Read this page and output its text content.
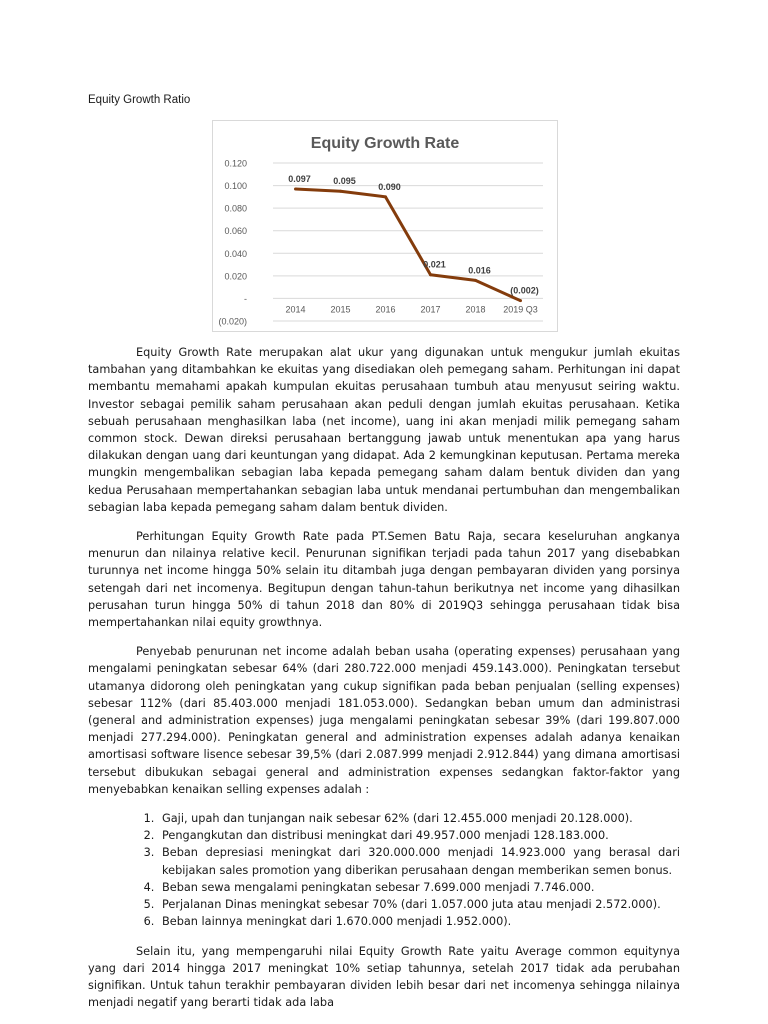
Equity Growth Ratio
Equity Growth Rate
0.120
0.100
0.080
0.060
0.040
0.020
-
(0.020)
2014	2015	2016	2017	2018 2019 Q3
0.097 0.095
0.090
0.021
0.016
(0.002)

Equity Growth Rate merupakan alat ukur yang digunakan untuk mengukur jumlah ekuitas tambahan yang ditambahkan ke ekuitas yang disediakan oleh pemegang saham. Perhitungan ini dapat membantu memahami apakah kumpulan ekuitas perusahaan tumbuh atau menyusut seiring waktu. Investor sebagai pemilik saham perusahaan akan peduli dengan jumlah ekuitas perusahaan. Ketika sebuah perusahaan menghasilkan laba (net income), uang ini akan menjadi milik pemegang saham common stock. Dewan direksi perusahaan bertanggung jawab untuk menentukan apa yang harus dilakukan dengan uang dari keuntungan yang didapat. Ada 2 kemungkinan keputusan. Pertama mereka mungkin mengembalikan sebagian laba kepada pemegang saham dalam bentuk dividen dan yang kedua Perusahaan mempertahankan sebagian laba untuk mendanai pertumbuhan dan mengembalikan sebagian laba kepada pemegang saham dalam bentuk dividen.

Perhitungan Equity Growth Rate pada PT.Semen Batu Raja, secara keseluruhan angkanya menurun dan nilainya relative kecil. Penurunan signifikan terjadi pada tahun 2017 yang disebabkan turunnya net income hingga 50% selain itu ditambah juga dengan pembayaran dividen yang porsinya setengah dari net incomenya. Begitupun dengan tahun-tahun berikutnya net income yang dihasilkan perusahan turun hingga 50% di tahun 2018 dan 80% di 2019Q3 sehingga perusahaan tidak bisa mempertahankan nilai equity growthnya.

Penyebab penurunan net income adalah beban usaha (operating expenses) perusahaan yang mengalami peningkatan sebesar 64% (dari 280.722.000 menjadi 459.143.000). Peningkatan tersebut utamanya didorong oleh peningkatan yang cukup signifikan pada beban penjualan (selling expenses) sebesar 112% (dari 85.403.000 menjadi 181.053.000). Sedangkan beban umum dan administrasi (general and administration expenses) juga mengalami peningkatan sebesar 39% (dari 199.807.000 menjadi 277.294.000). Peningkatan general and administration expenses adalah adanya kenaikan amortisasi software lisence sebesar 39,5% (dari 2.087.999 menjadi 2.912.844) yang dimana amortisasi tersebut dibukukan sebagai general and administration expenses sedangkan faktor-faktor yang menyebabkan kenaikan selling expenses adalah :

1. Gaji, upah dan tunjangan naik sebesar 62% (dari 12.455.000 menjadi 20.128.000).
2. Pengangkutan dan distribusi meningkat dari 49.957.000 menjadi 128.183.000.
3. Beban depresiasi meningkat dari 320.000.000 menjadi 14.923.000 yang berasal dari kebijakan sales promotion yang diberikan perusahaan dengan memberikan semen bonus.
4. Beban sewa mengalami peningkatan sebesar 7.699.000 menjadi 7.746.000.
5. Perjalanan Dinas meningkat sebesar 70% (dari 1.057.000 juta atau menjadi 2.572.000).
6. Beban lainnya meningkat dari 1.670.000 menjadi 1.952.000).

Selain itu, yang mempengaruhi nilai Equity Growth Rate yaitu Average common equitynya yang dari 2014 hingga 2017 meningkat 10% setiap tahunnya, setelah 2017 tidak ada perubahan signifikan. Untuk tahun terakhir pembayaran dividen lebih besar dari net incomenya sehingga nilainya menjadi negatif yang berarti tidak ada laba
